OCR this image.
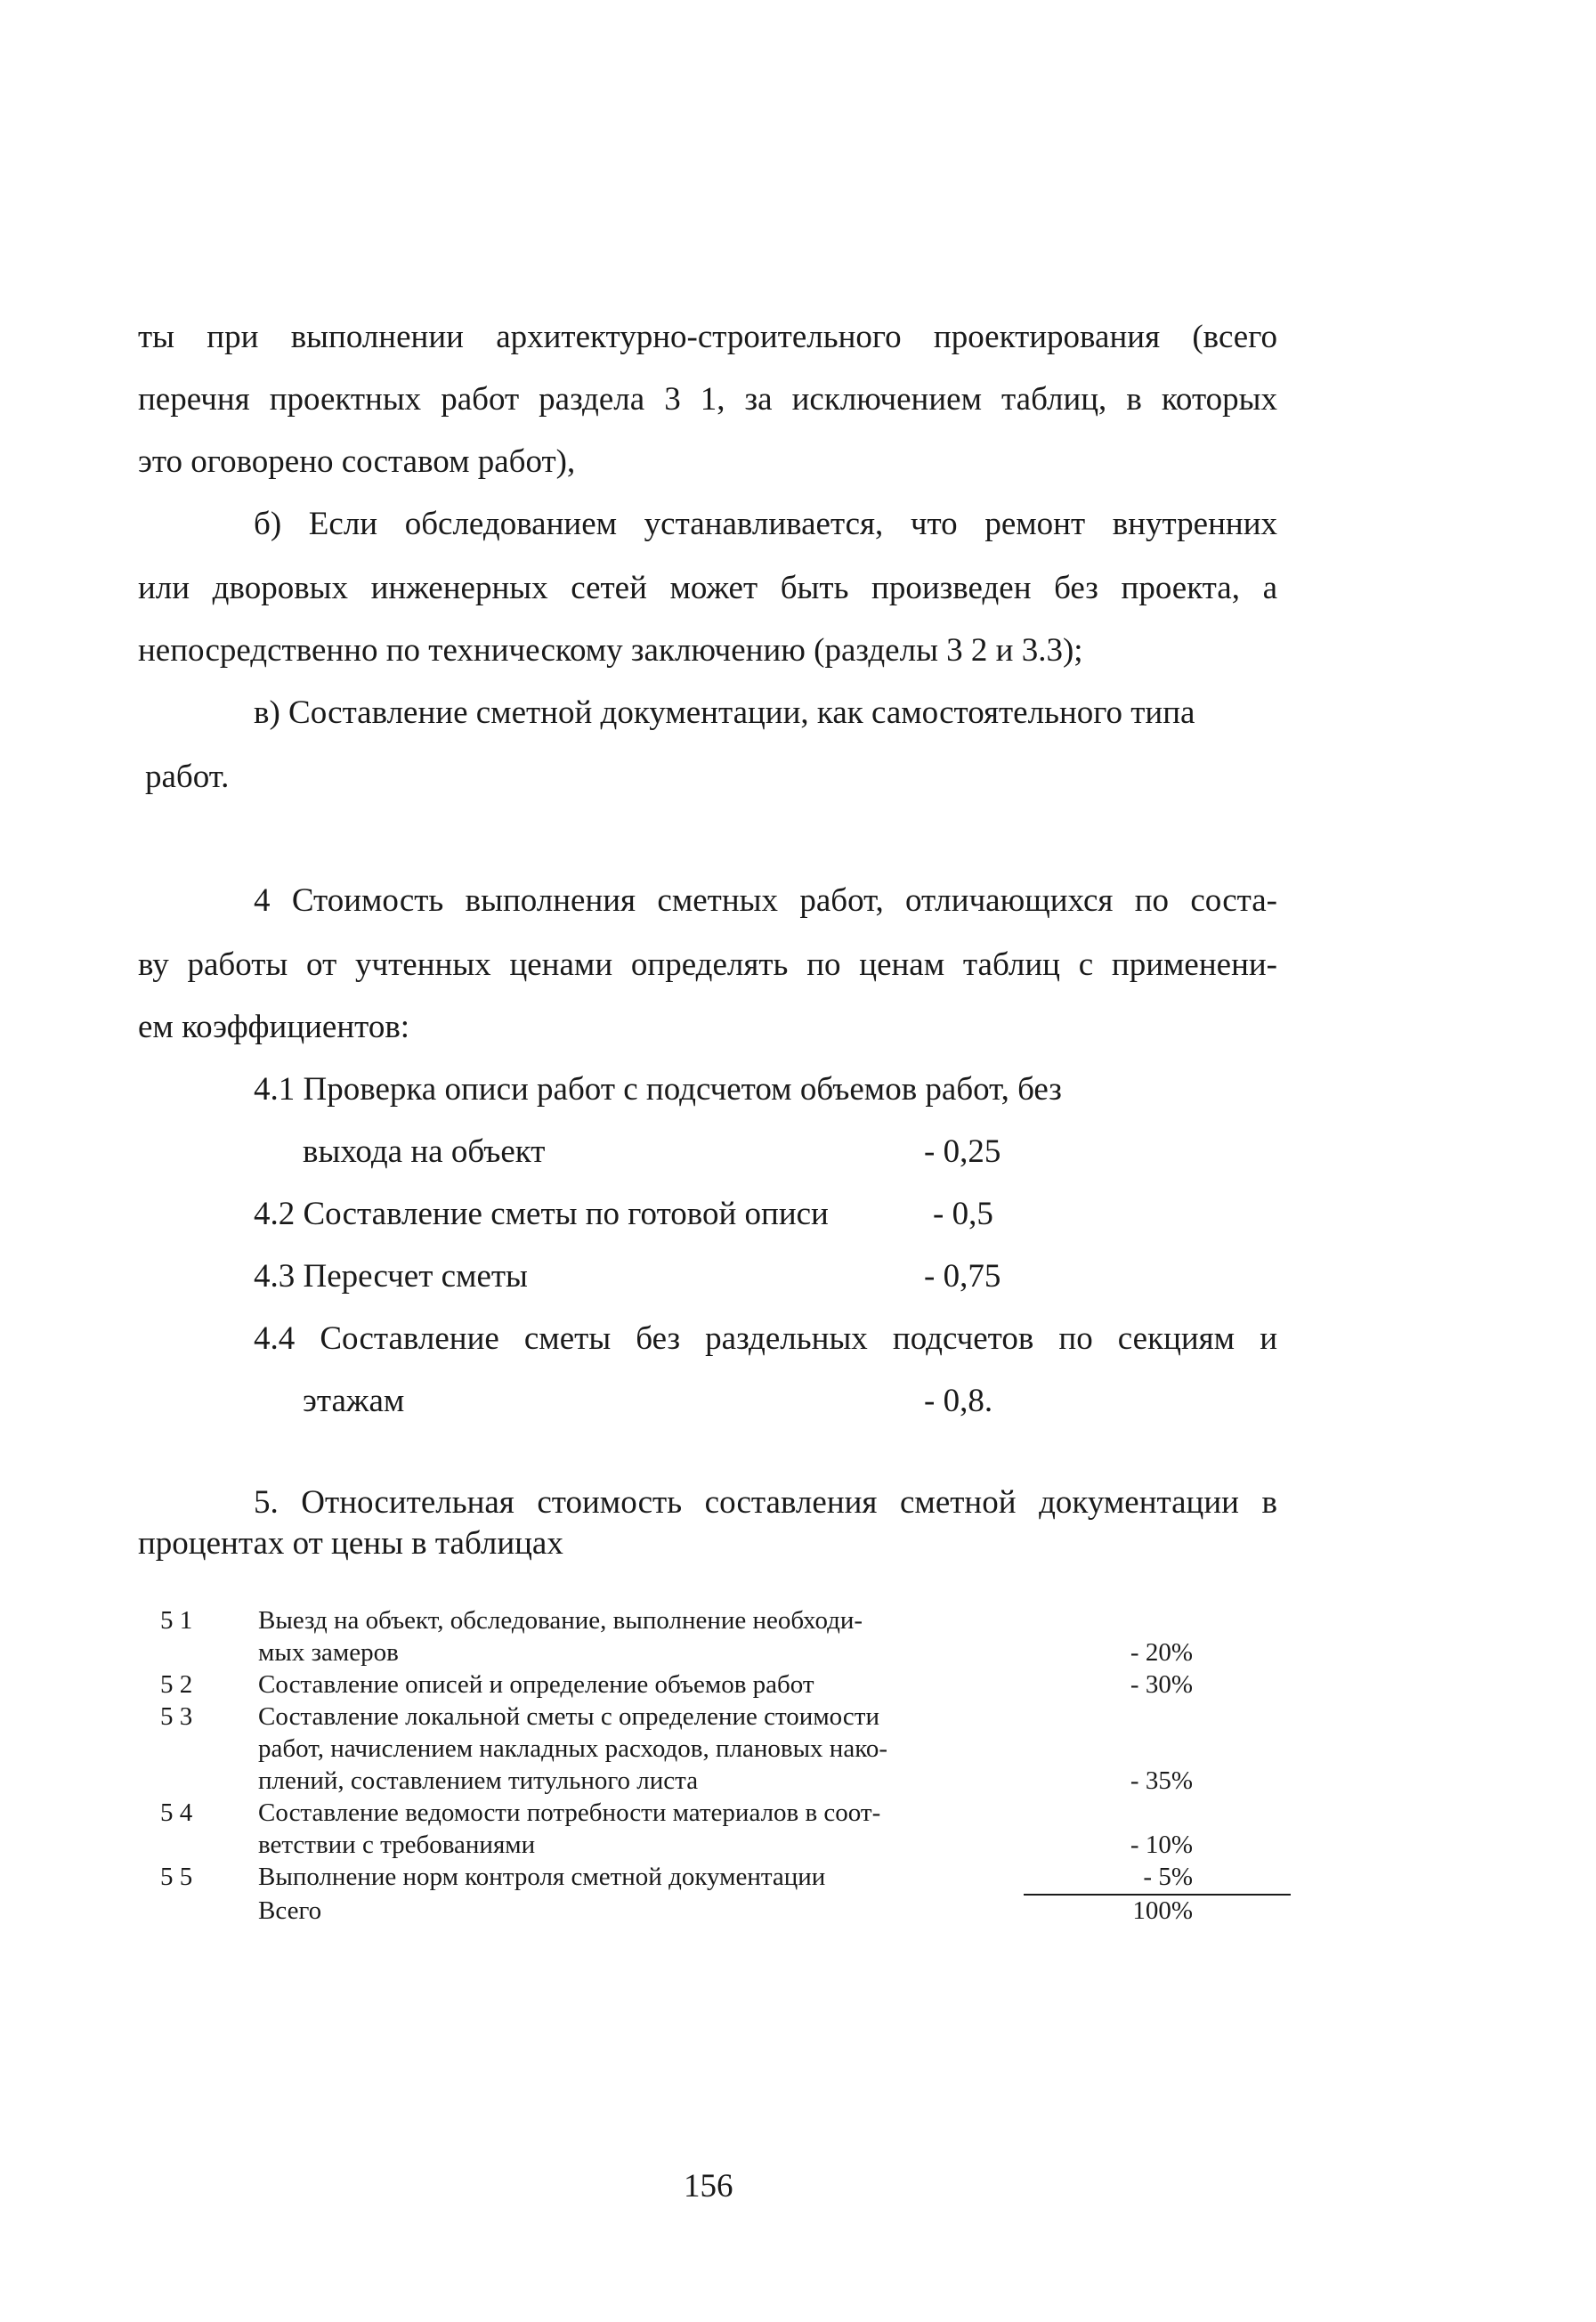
ты при выполнении архитектурно-строительного проектирования (всего
перечня проектных работ раздела 3 1, за исключением таблиц, в которых
это оговорено составом работ),
б) Если обследованием устанавливается, что ремонт внутренних
или дворовых инженерных сетей может быть произведен без проекта, а
непосредственно по техническому заключению (разделы 3 2 и 3.3);
в) Составление сметной документации, как самостоятельного типа
работ.
4 Стоимость выполнения сметных работ, отличающихся по соста-
ву работы от учтенных ценами определять по ценам таблиц с применени-
ем коэффициентов:
4.1 Проверка описи работ с подсчетом объемов работ, без
выхода на объект	- 0,25
4.2 Составление сметы по готовой описи	- 0,5
4.3 Пересчет сметы	- 0,75
4.4 Составление сметы без раздельных подсчетов по секциям и
этажам	- 0,8.
5. Относительная стоимость составления сметной документации в
процентах от цены в таблицах
5 1	Выезд на объект, обследование, выполнение необходи-
мых замеров	- 20%
5 2	Составление описей и определение объемов работ	- 30%
5 3	Составление локальной сметы с определение стоимости
работ, начислением накладных расходов, плановых нако-
плений, составлением титульного листа	- 35%
5 4	Составление ведомости потребности материалов в соот-
ветствии с требованиями	- 10%
5 5	Выполнение норм контроля сметной документации	- 5%
Всего	100%
156
